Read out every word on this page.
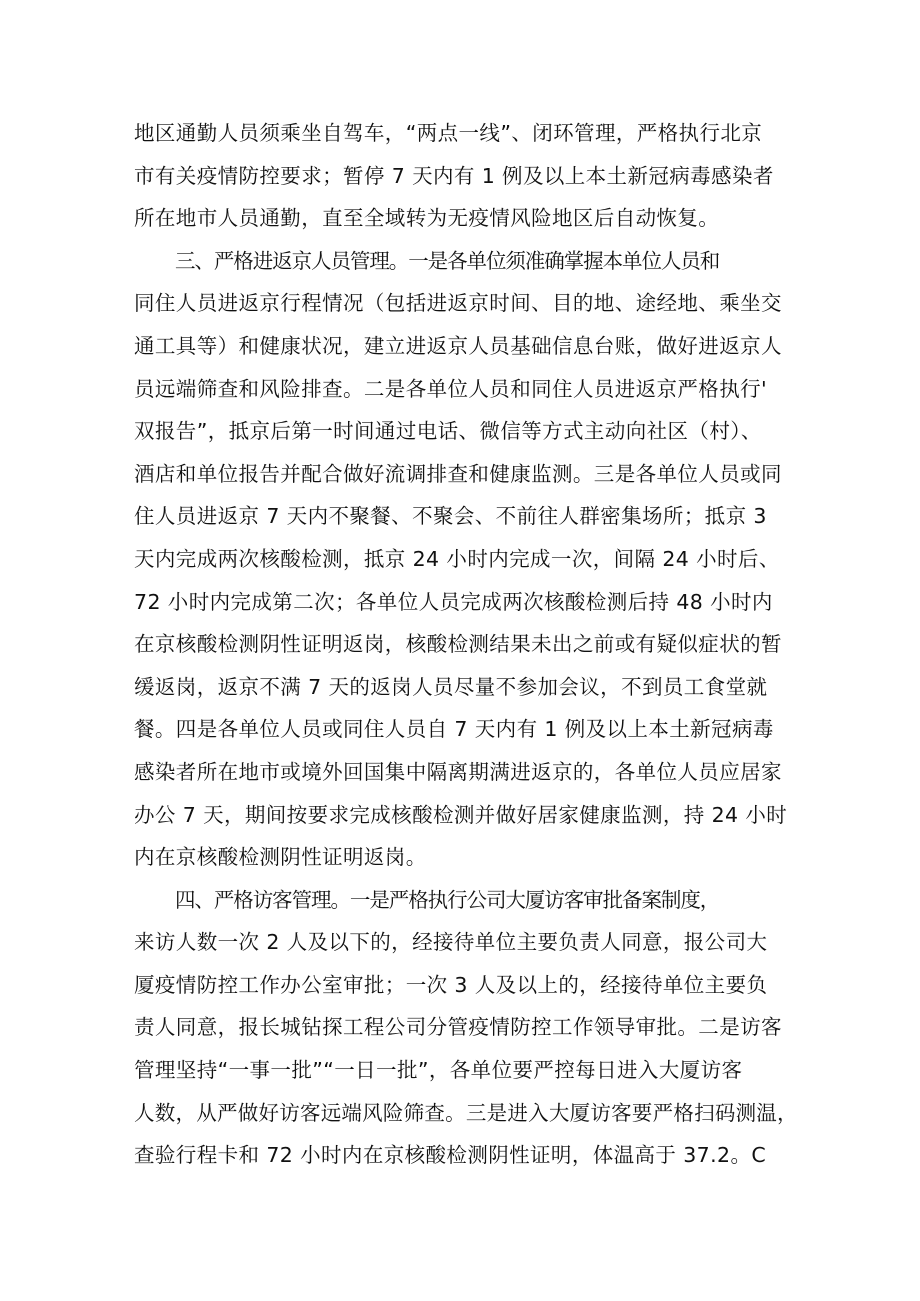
地区通勤人员须乘坐自驾车，“两点一线”、闭环管理，严格执行北京
市有关疫情防控要求；暂停 7 天内有 1 例及以上本土新冠病毒感染者
所在地市人员通勤，直至全域转为无疫情风险地区后自动恢复。
三、严格进返京人员管理。一是各单位须准确掌握本单位人员和
同住人员进返京行程情况（包括进返京时间、目的地、途经地、乘坐交
通工具等）和健康状况，建立进返京人员基础信息台账，做好进返京人
员远端筛查和风险排查。二是各单位人员和同住人员进返京严格执行'
双报告”，抵京后第一时间通过电话、微信等方式主动向社区（村）、
酒店和单位报告并配合做好流调排查和健康监测。三是各单位人员或同
住人员进返京 7 天内不聚餐、不聚会、不前往人群密集场所；抵京 3
天内完成两次核酸检测，抵京 24 小时内完成一次，间隔 24 小时后、
72 小时内完成第二次；各单位人员完成两次核酸检测后持 48 小时内
在京核酸检测阴性证明返岗，核酸检测结果未出之前或有疑似症状的暂
缓返岗，返京不满 7 天的返岗人员尽量不参加会议，不到员工食堂就
餐。四是各单位人员或同住人员自 7 天内有 1 例及以上本土新冠病毒
感染者所在地市或境外回国集中隔离期满进返京的，各单位人员应居家
办公 7 天，期间按要求完成核酸检测并做好居家健康监测，持 24 小时
内在京核酸检测阴性证明返岗。
四、严格访客管理。一是严格执行公司大厦访客审批备案制度，
来访人数一次 2 人及以下的，经接待单位主要负责人同意，报公司大
厦疫情防控工作办公室审批；一次 3 人及以上的，经接待单位主要负
责人同意，报长城钻探工程公司分管疫情防控工作领导审批。二是访客
管理坚持“一事一批”“一日一批”，各单位要严控每日进入大厦访客
人数，从严做好访客远端风险筛查。三是进入大厦访客要严格扫码测温，
查验行程卡和 72 小时内在京核酸检测阴性证明，体温高于 37.2。C
